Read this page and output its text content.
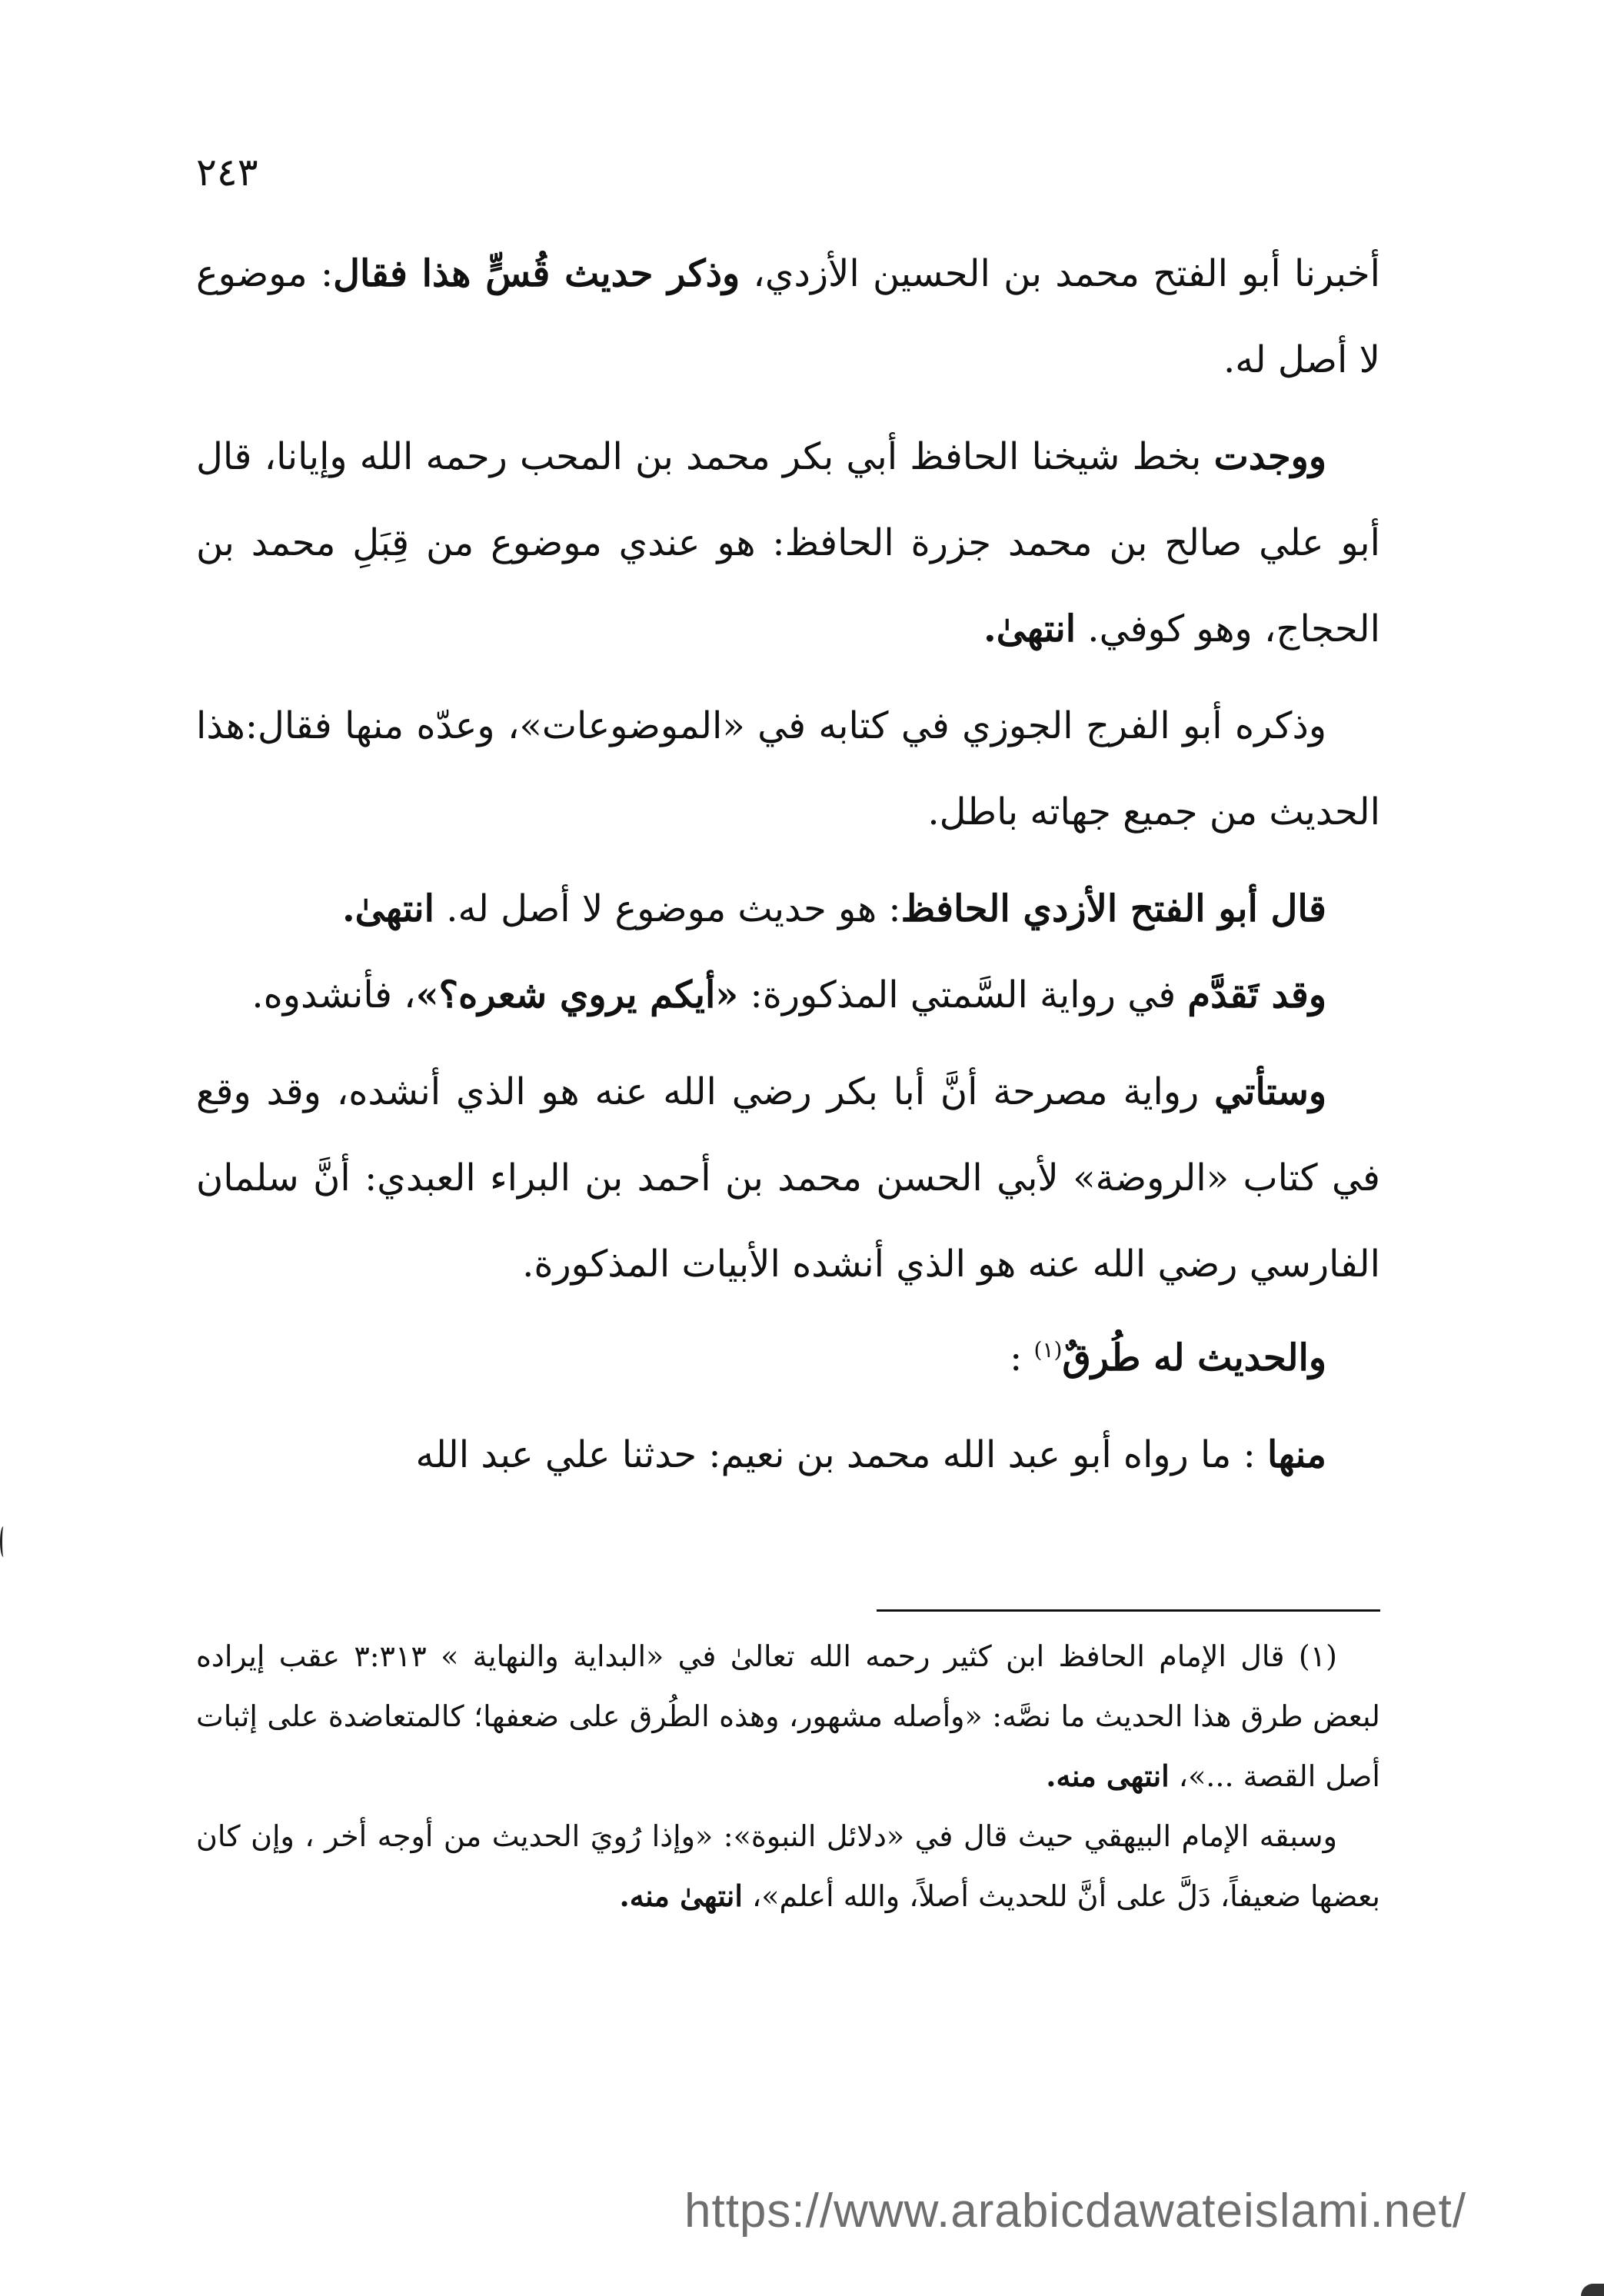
٢٤٣

أخبرنا أبو الفتح محمد بن الحسين الأزدي، وذكر حديث قُسٍّ هذا فقال: موضوع لا أصل له.

ووجدت بخط شيخنا الحافظ أبي بكر محمد بن المحب رحمه الله وإيانا، قال أبو علي صالح بن محمد جزرة الحافظ: هو عندي موضوع من قِبَلِ محمد بن الحجاج، وهو كوفي. انتهىٰ.

وذكره أبو الفرج الجوزي في كتابه في «الموضوعات»، وعدّه منها فقال:هذا الحديث من جميع جهاته باطل.

قال أبو الفتح الأزدي الحافظ: هو حديث موضوع لا أصل له. انتهىٰ.

وقد تَقدَّم في رواية السَّمتي المذكورة: «أيكم يروي شعره؟»، فأنشدوه.

وستأتي رواية مصرحة أنَّ أبا بكر رضي الله عنه هو الذي أنشده، وقد وقع في كتاب «الروضة» لأبي الحسن محمد بن أحمد بن البراء العبدي: أنَّ سلمان الفارسي رضي الله عنه هو الذي أنشده الأبيات المذكورة.

والحديث له طُرقٌ$^{(١)}$ :

منها : ما رواه أبو عبد الله محمد بن نعيم: حدثنا علي عبد الله

(١) قال الإمام الحافظ ابن كثير رحمه الله تعالىٰ في «البداية والنهاية » ٣:٣١٣ عقب إيراده لبعض طرق هذا الحديث ما نصَّه: «وأصله مشهور، وهذه الطُرق على ضعفها؛ كالمتعاضدة على إثبات أصل القصة ...»، انتهى منه.

وسبقه الإمام البيهقي حيث قال في «دلائل النبوة»: «وإذا رُويَ الحديث من أوجه أخر ، وإن كان بعضها ضعيفاً، دَلَّ على أنَّ للحديث أصلاً، والله أعلم»، انتهىٰ منه.

https://www.arabicdawateislami.net/
